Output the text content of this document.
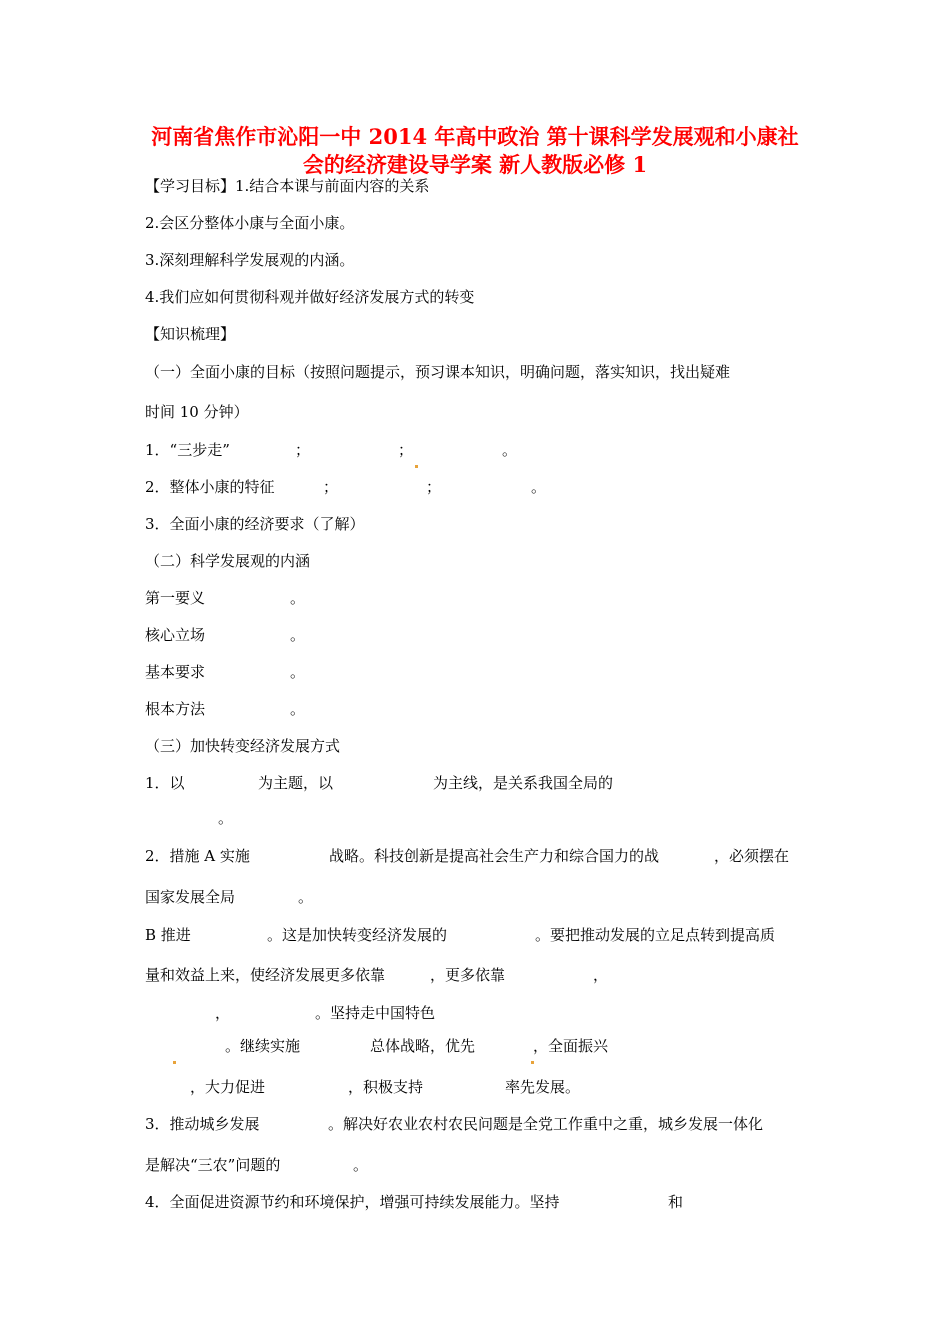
河南省焦作市沁阳一中 2014 年高中政治 第十课科学发展观和小康社
会的经济建设导学案 新人教版必修 1
【学习目标】1.结合本课与前面内容的关系
2.会区分整体小康与全面小康。
3.深刻理解科学发展观的内涵。
4.我们应如何贯彻科观并做好经济发展方式的转变
【知识梳理】
（一）全面小康的目标（按照问题提示，预习课本知识，明确问题，落实知识，找出疑难
时间 10 分钟）
1．“三步走”	；	；	。
2．整体小康的特征	；	；	。
3．全面小康的经济要求（了解）
（二）科学发展观的内涵
第一要义	。
核心立场	。
基本要求	。
根本方法	。
（三）加快转变经济发展方式
1．以	为主题，以	为主线，是关系我国全局的
。
2．措施 A 实施	战略。科技创新是提高社会生产力和综合国力的战	，必须摆在
国家发展全局	。
B 推进	。这是加快转变经济发展的	。要把推动发展的立足点转到提高质
量和效益上来，使经济发展更多依靠	，更多依靠	，
，	。坚持走中国特色
。继续实施	总体战略，优先	，全面振兴
，大力促进	，积极支持	率先发展。
3．推动城乡发展	。解决好农业农村农民问题是全党工作重中之重，城乡发展一体化
是解决“三农”问题的	。
4．全面促进资源节约和环境保护，增强可持续发展能力。坚持	和
